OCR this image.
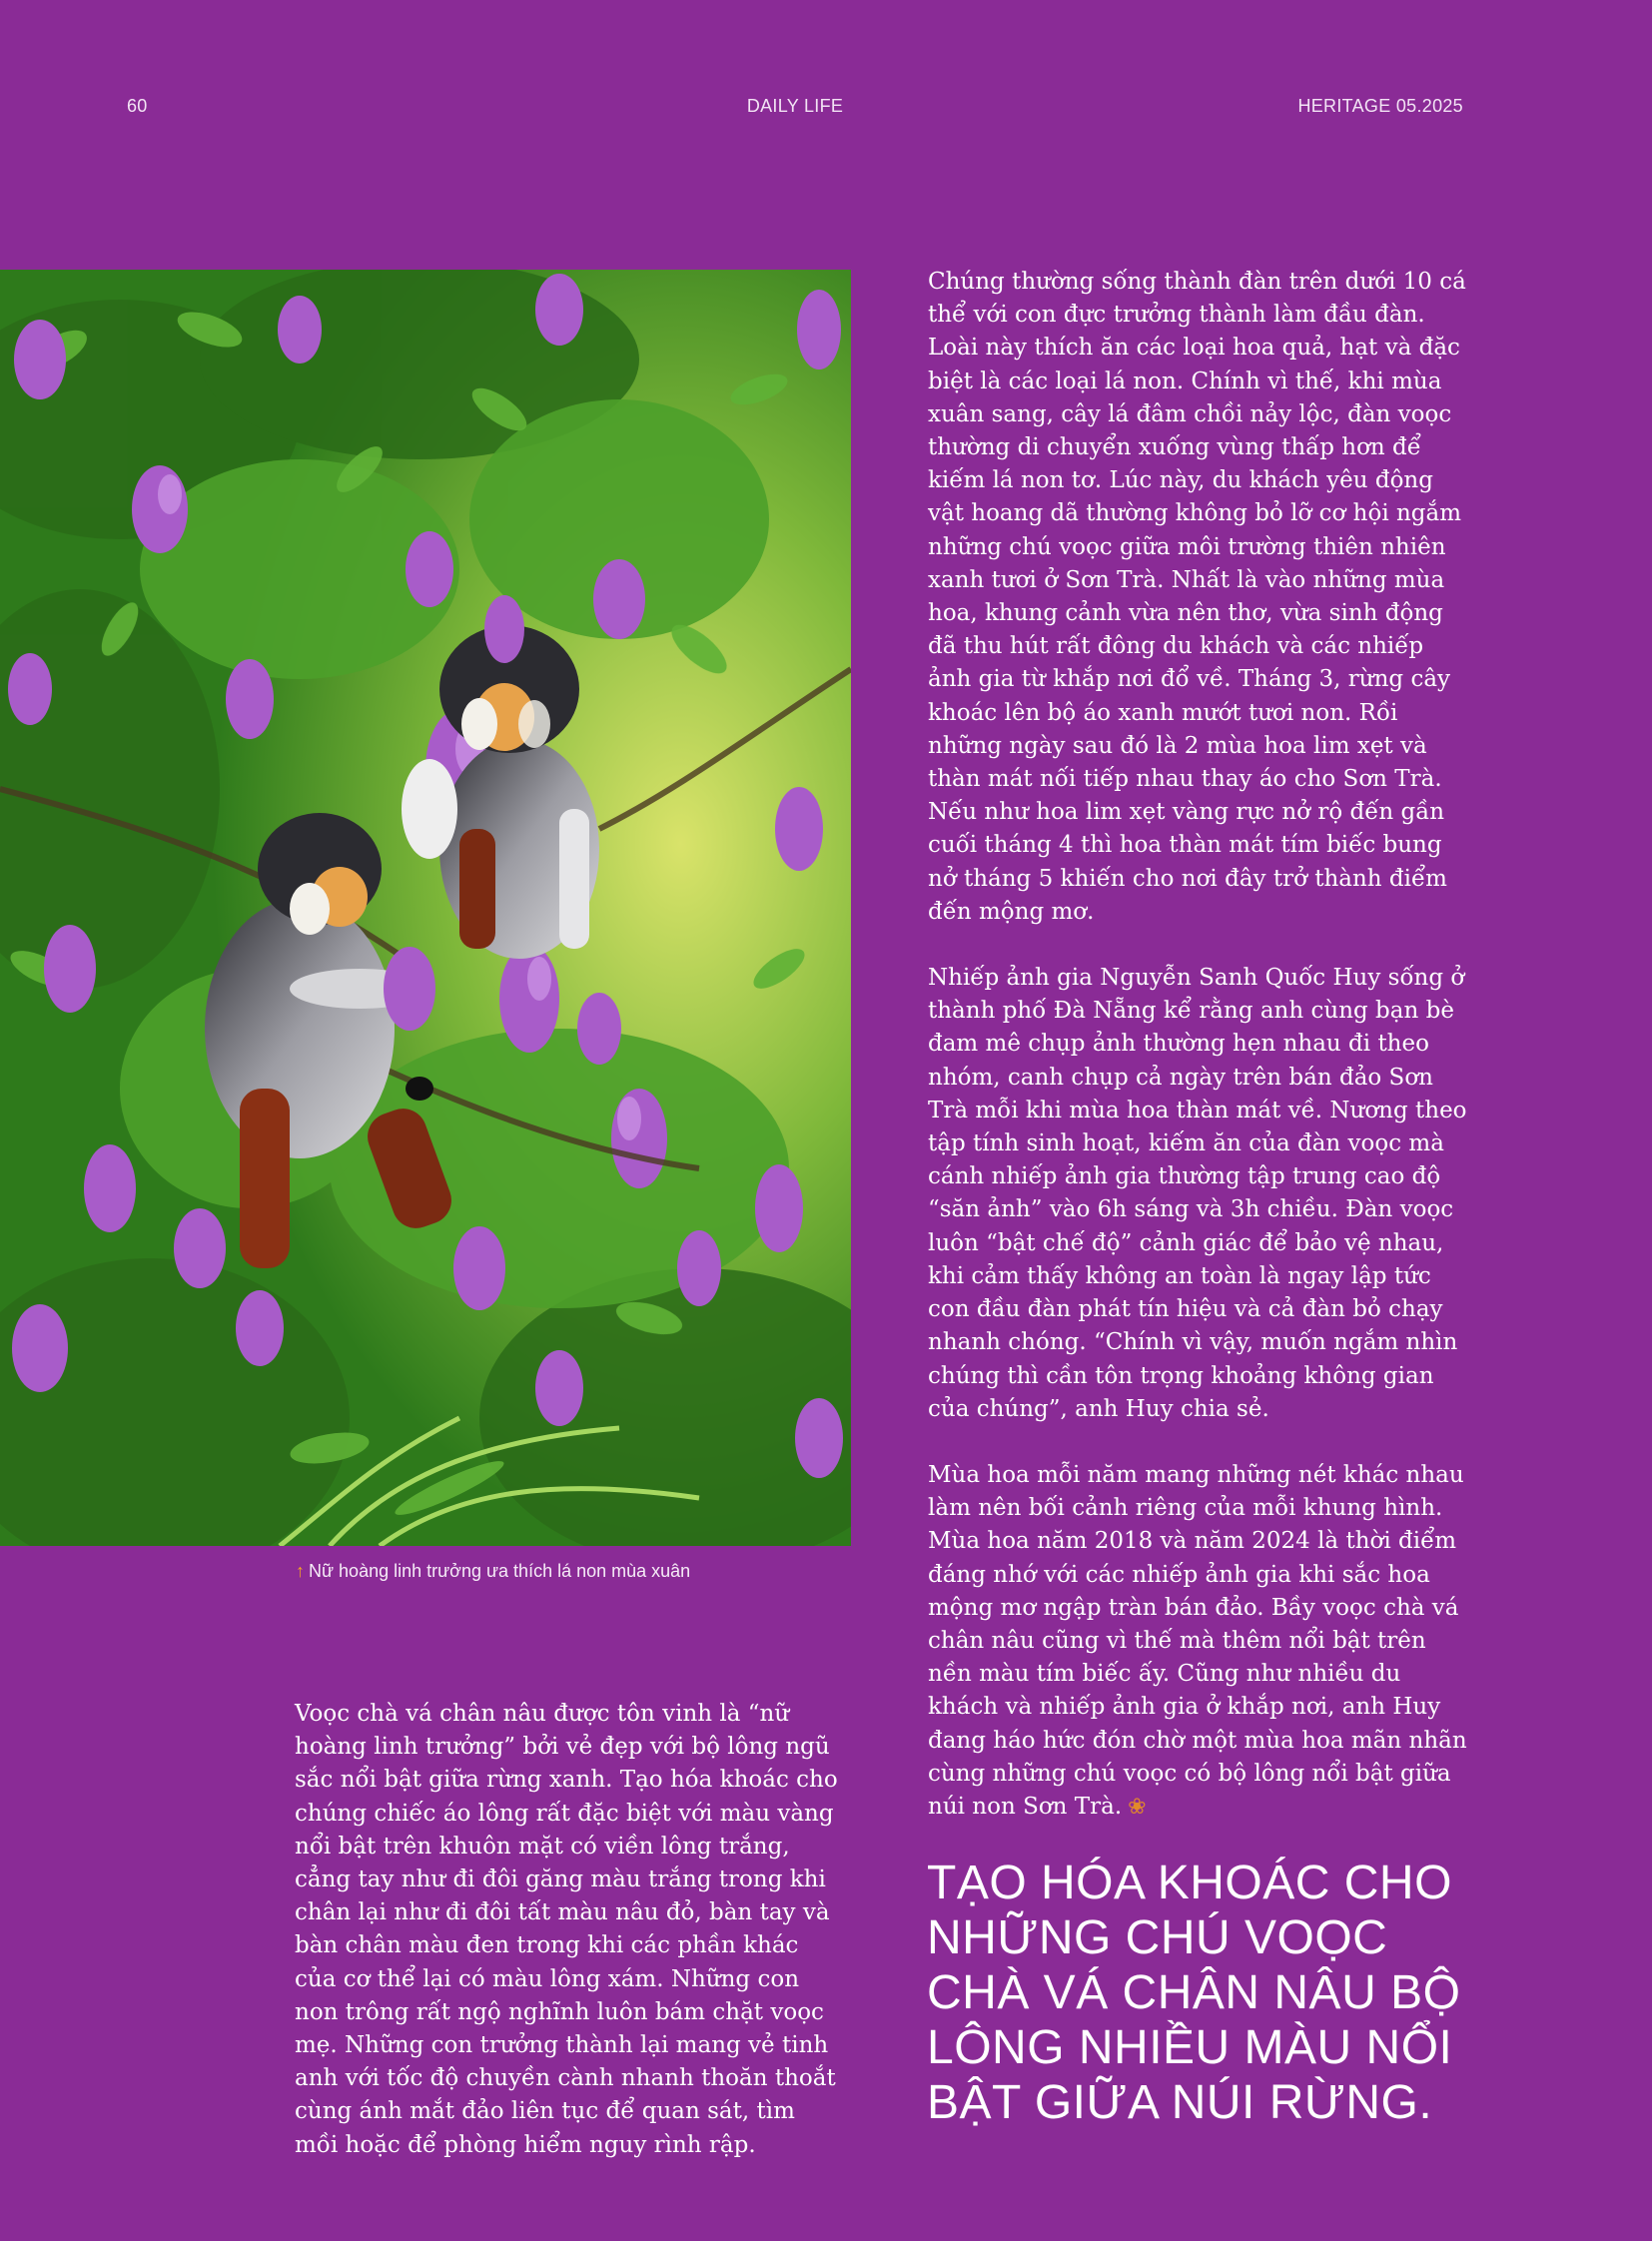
60	DAILY LIFE	HERITAGE 05.2025
↑ Nữ hoàng linh trưởng ưa thích lá non mùa xuân

Chúng thường sống thành đàn trên dưới 10 cá thể với con đực trưởng thành làm đầu đàn. Loài này thích ăn các loại hoa quả, hạt và đặc biệt là các loại lá non. Chính vì thế, khi mùa xuân sang, cây lá đâm chồi nảy lộc, đàn voọc thường di chuyển xuống vùng thấp hơn để kiếm lá non tơ. Lúc này, du khách yêu động vật hoang dã thường không bỏ lỡ cơ hội ngắm những chú voọc giữa môi trường thiên nhiên xanh tươi ở Sơn Trà. Nhất là vào những mùa hoa, khung cảnh vừa nên thơ, vừa sinh động đã thu hút rất đông du khách và các nhiếp ảnh gia từ khắp nơi đổ về. Tháng 3, rừng cây khoác lên bộ áo xanh mướt tươi non. Rồi những ngày sau đó là 2 mùa hoa lim xẹt và thàn mát nối tiếp nhau thay áo cho Sơn Trà. Nếu như hoa lim xẹt vàng rực nở rộ đến gần cuối tháng 4 thì hoa thàn mát tím biếc bung nở tháng 5 khiến cho nơi đây trở thành điểm đến mộng mơ.

Nhiếp ảnh gia Nguyễn Sanh Quốc Huy sống ở thành phố Đà Nẵng kể rằng anh cùng bạn bè đam mê chụp ảnh thường hẹn nhau đi theo nhóm, canh chụp cả ngày trên bán đảo Sơn Trà mỗi khi mùa hoa thàn mát về. Nương theo tập tính sinh hoạt, kiếm ăn của đàn voọc mà cánh nhiếp ảnh gia thường tập trung cao độ “săn ảnh” vào 6h sáng và 3h chiều. Đàn voọc luôn “bật chế độ” cảnh giác để bảo vệ nhau, khi cảm thấy không an toàn là ngay lập tức con đầu đàn phát tín hiệu và cả đàn bỏ chạy nhanh chóng. “Chính vì vậy, muốn ngắm nhìn chúng thì cần tôn trọng khoảng không gian của chúng”, anh Huy chia sẻ.

Mùa hoa mỗi năm mang những nét khác nhau làm nên bối cảnh riêng của mỗi khung hình. Mùa hoa năm 2018 và năm 2024 là thời điểm đáng nhớ với các nhiếp ảnh gia khi sắc hoa mộng mơ ngập tràn bán đảo. Bầy voọc chà vá chân nâu cũng vì thế mà thêm nổi bật trên nền màu tím biếc ấy. Cũng như nhiều du khách và nhiếp ảnh gia ở khắp nơi, anh Huy đang háo hức đón chờ một mùa hoa mãn nhãn cùng những chú voọc có bộ lông nổi bật giữa núi non Sơn Trà. ❀

Voọc chà vá chân nâu được tôn vinh là “nữ hoàng linh trưởng” bởi vẻ đẹp với bộ lông ngũ sắc nổi bật giữa rừng xanh. Tạo hóa khoác cho chúng chiếc áo lông rất đặc biệt với màu vàng nổi bật trên khuôn mặt có viền lông trắng, cẳng tay như đi đôi găng màu trắng trong khi chân lại như đi đôi tất màu nâu đỏ, bàn tay và bàn chân màu đen trong khi các phần khác của cơ thể lại có màu lông xám. Những con non trông rất ngộ nghĩnh luôn bám chặt voọc mẹ. Những con trưởng thành lại mang vẻ tinh anh với tốc độ chuyền cành nhanh thoăn thoắt cùng ánh mắt đảo liên tục để quan sát, tìm mồi hoặc để phòng hiểm nguy rình rập.

TẠO HÓA KHOÁC CHO NHỮNG CHÚ VOỌC CHÀ VÁ CHÂN NÂU BỘ LÔNG NHIỀU MÀU NỔI BẬT GIỮA NÚI RỪNG.
